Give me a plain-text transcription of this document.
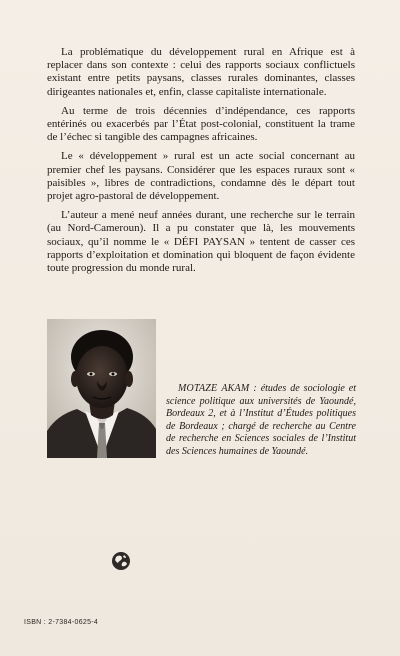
La problématique du développement rural en Afrique est à replacer dans son contexte : celui des rapports sociaux conflictuels existant entre petits paysans, classes rurales dominantes, classes dirigeantes nationales et, enfin, classe capitaliste internationale.

Au terme de trois décennies d’indépendance, ces rapports entérinés ou exacerbés par l’État post-colonial, constituent la trame de l’échec si tangible des campagnes africaines.

Le « développement » rural est un acte social concernant au premier chef les paysans. Considérer que les espaces ruraux sont « paisibles », libres de contradictions, condamne dès le départ tout projet agro-pastoral de développement.

L’auteur a mené neuf années durant, une recherche sur le terrain (au Nord-Cameroun). Il a pu constater que là, les mouvements sociaux, qu’il nomme le « DÉFI PAYSAN » tentent de casser ces rapports d’exploitation et domination qui bloquent de façon évidente toute progression du monde rural.

MOTAZE AKAM : études de sociologie et science politique aux universités de Yaoundé, Bordeaux 2, et à l’Institut d’Études politiques de Bordeaux ; chargé de recherche au Centre de recherche en Sciences sociales de l’Institut des Sciences humaines de Yaoundé.
ISBN : 2-7384-0625-4
